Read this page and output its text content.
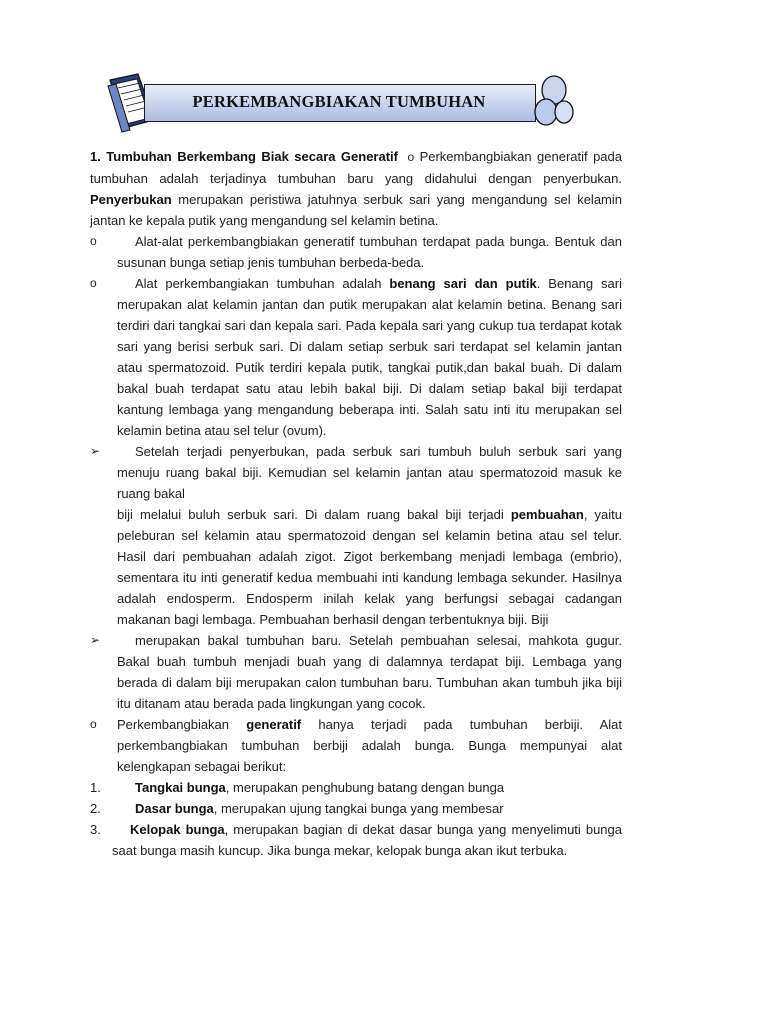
PERKEMBANGBIAKAN TUMBUHAN

1. Tumbuhan Berkembang Biak secara Generatif o Perkembangbiakan generatif pada tumbuhan adalah terjadinya tumbuhan baru yang didahului dengan penyerbukan. Penyerbukan merupakan peristiwa jatuhnya serbuk sari yang mengandung sel kelamin jantan ke kepala putik yang mengandung sel kelamin betina.

o	Alat-alat perkembangbiakan generatif tumbuhan terdapat pada bunga. Bentuk dan susunan bunga setiap jenis tumbuhan berbeda-beda.

o	Alat perkembangiakan tumbuhan adalah benang sari dan putik. Benang sari merupakan alat kelamin jantan dan putik merupakan alat kelamin betina. Benang sari terdiri dari tangkai sari dan kepala sari. Pada kepala sari yang cukup tua terdapat kotak sari yang berisi serbuk sari. Di dalam setiap serbuk sari terdapat sel kelamin jantan atau spermatozoid. Putik terdiri kepala putik, tangkai putik,dan bakal buah. Di dalam bakal buah terdapat satu atau lebih bakal biji. Di dalam setiap bakal biji terdapat kantung lembaga yang mengandung beberapa inti. Salah satu inti itu merupakan sel kelamin betina atau sel telur (ovum).

➢	Setelah terjadi penyerbukan, pada serbuk sari tumbuh buluh serbuk sari yang menuju ruang bakal biji. Kemudian sel kelamin jantan atau spermatozoid masuk ke ruang bakal

biji melalui buluh serbuk sari. Di dalam ruang bakal biji terjadi pembuahan, yaitu peleburan sel kelamin atau spermatozoid dengan sel kelamin betina atau sel telur. Hasil dari pembuahan adalah zigot. Zigot berkembang menjadi lembaga (embrio), sementara itu inti generatif kedua membuahi inti kandung lembaga sekunder. Hasilnya adalah endosperm. Endosperm inilah kelak yang berfungsi sebagai cadangan makanan bagi lembaga. Pembuahan berhasil dengan terbentuknya biji. Biji

➢	merupakan bakal tumbuhan baru. Setelah pembuahan selesai, mahkota gugur. Bakal buah tumbuh menjadi buah yang di dalamnya terdapat biji. Lembaga yang berada di dalam biji merupakan calon tumbuhan baru. Tumbuhan akan tumbuh jika biji itu ditanam atau berada pada lingkungan yang cocok.

o	Perkembangbiakan generatif hanya terjadi pada tumbuhan berbiji. Alat perkembangbiakan tumbuhan berbiji adalah bunga. Bunga mempunyai alat kelengkapan sebagai berikut:

1.	Tangkai bunga, merupakan penghubung batang dengan bunga

2.	Dasar bunga, merupakan ujung tangkai bunga yang membesar

3.	Kelopak bunga, merupakan bagian di dekat dasar bunga yang menyelimuti bunga saat bunga masih kuncup. Jika bunga mekar, kelopak bunga akan ikut terbuka.
